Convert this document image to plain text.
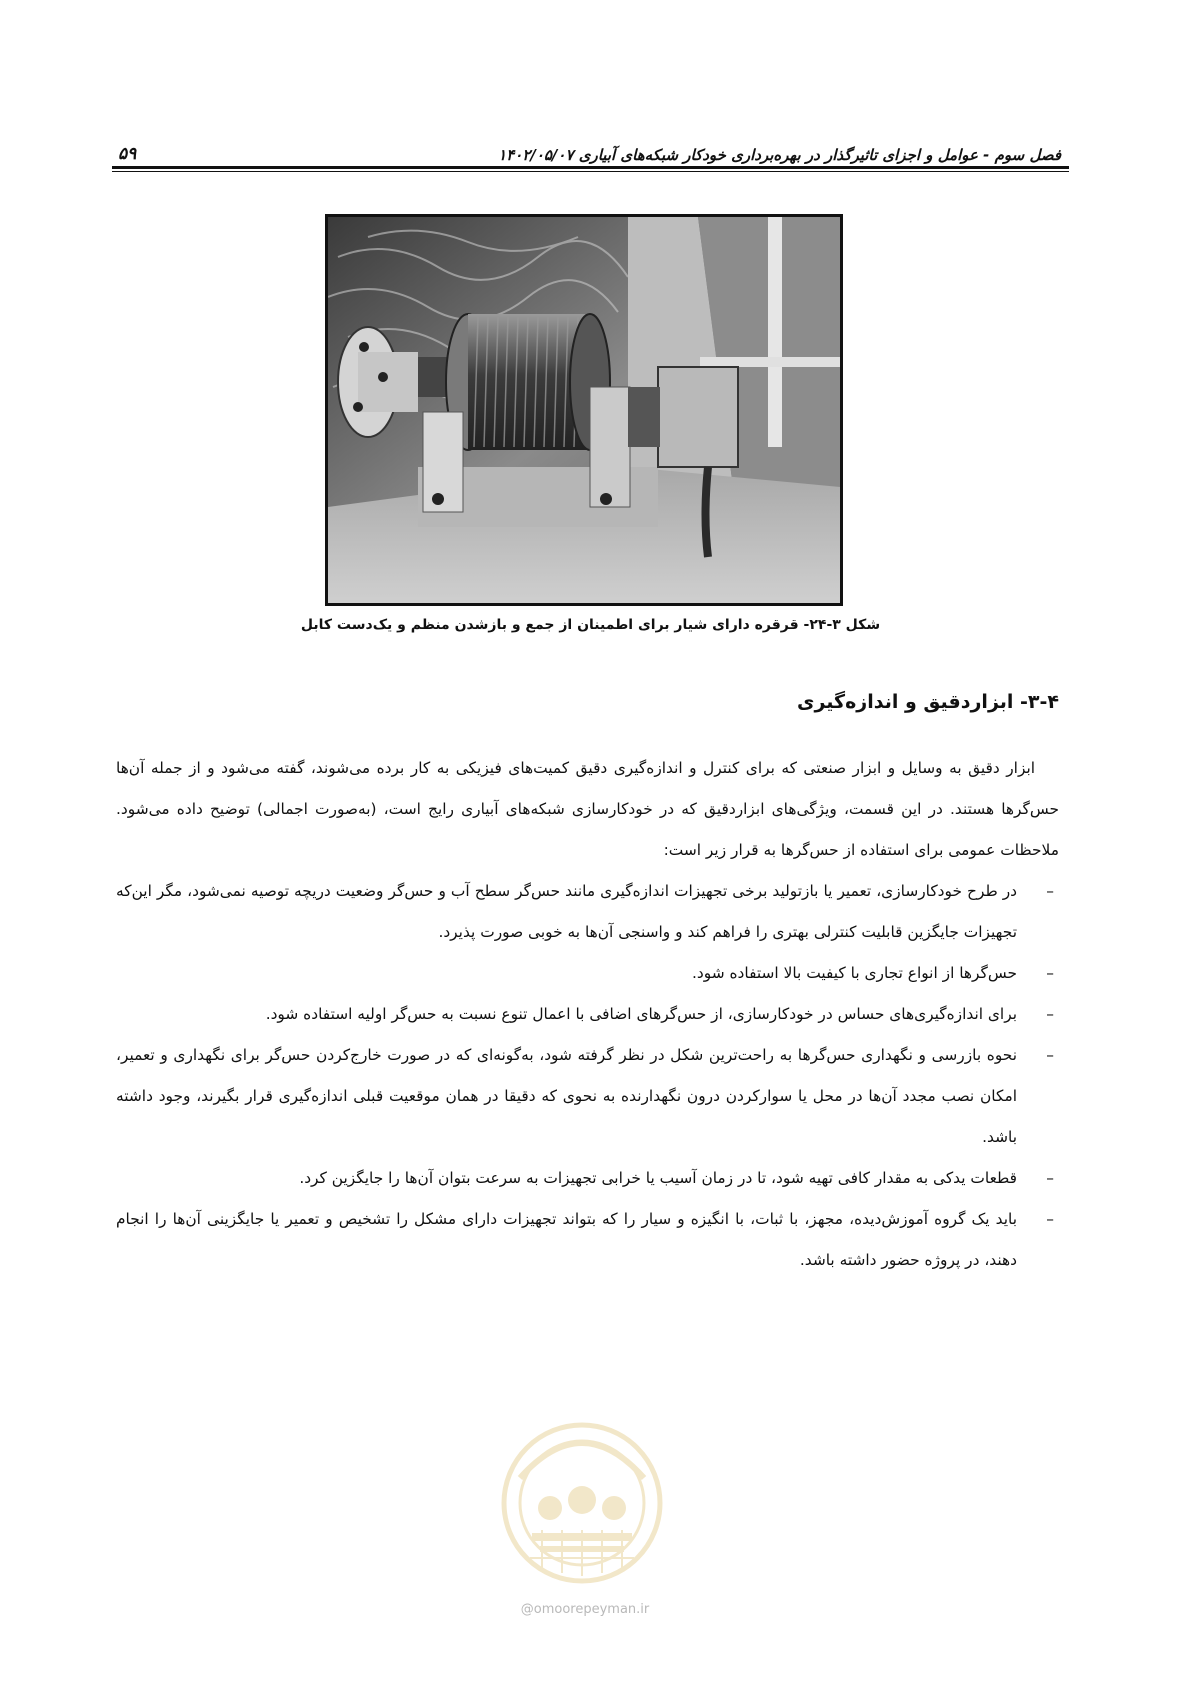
فصل سوم - عوامل و اجزای تاثیرگذار در بهره‌برداری خودکار شبکه‌های آبیاری ۱۴۰۲/۰۵/۰۷
۵۹
شکل ۳-۲۴- قرقره دارای شیار برای اطمینان از جمع و بازشدن منظم و یک‌دست کابل
۳-۴- ابزاردقیق و اندازه‌گیری

ابزار دقیق به وسایل و ابزار صنعتی که برای کنترل و اندازه‌گیری دقیق کمیت‌های فیزیکی به کار برده می‌شوند، گفته می‌شود و از جمله آن‌ها حس‌گرها هستند. در این قسمت، ویژگی‌های ابزاردقیق که در خودکارسازی شبکه‌های آبیاری رایج است، (به‌صورت اجمالی) توضیح داده می‌شود. ملاحظات عمومی برای استفاده از حس‌گرها به قرار زیر است:

–
در طرح خودکارسازی، تعمیر یا بازتولید برخی تجهیزات اندازه‌گیری مانند حس‌گر سطح آب و حس‌گر وضعیت دریچه توصیه نمی‌شود، مگر این‌که تجهیزات جایگزین قابلیت کنترلی بهتری را فراهم کند و واسنجی آن‌ها به خوبی صورت پذیرد.
–
حس‌گرها از انواع تجاری با کیفیت بالا استفاده شود.
–
برای اندازه‌گیری‌های حساس در خودکارسازی، از حس‌گرهای اضافی با اعمال تنوع نسبت به حس‌گر اولیه استفاده شود.
–
نحوه بازرسی و نگهداری حس‌گرها به راحت‌ترین شکل در نظر گرفته شود، به‌گونه‌ای که در صورت خارج‌کردن حس‌گر برای نگهداری و تعمیر، امکان نصب مجدد آن‌ها در محل یا سوارکردن درون نگهدارنده به نحوی که دقیقا در همان موقعیت قبلی اندازه‌گیری قرار بگیرند، وجود داشته باشد.
–
قطعات یدکی به مقدار کافی تهیه شود، تا در زمان آسیب یا خرابی تجهیزات به سرعت بتوان آن‌ها را جایگزین کرد.
–
باید یک گروه آموزش‌دیده، مجهز، با ثبات، با انگیزه و سیار را که بتواند تجهیزات دارای مشکل را تشخیص و تعمیر یا جایگزینی آن‌ها را انجام دهند، در پروژه حضور داشته باشد.
@omoorepeyman.ir
